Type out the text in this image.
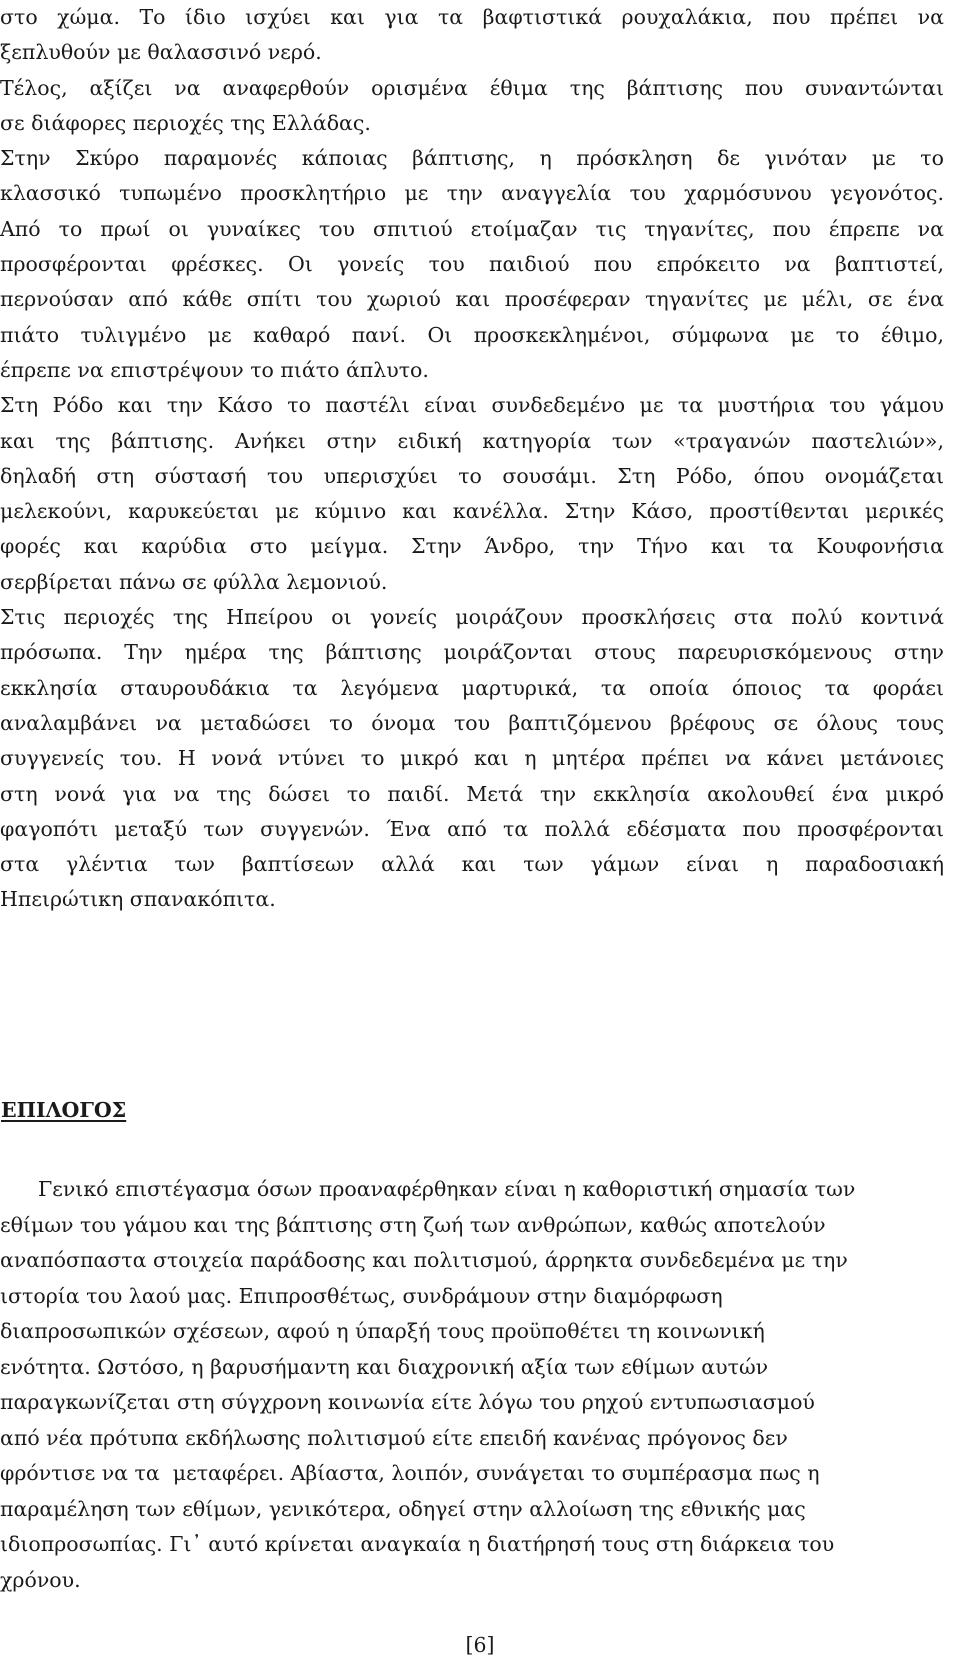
στο χώμα. Το ίδιο ισχύει και για τα βαφτιστικά ρουχαλάκια, που πρέπει να
ξεπλυθούν με θαλασσινό νερό.
Τέλος, αξίζει να αναφερθούν ορισμένα έθιμα της βάπτισης που συναντώνται
σε διάφορες περιοχές της Ελλάδας.
Στην Σκύρο παραμονές κάποιας βάπτισης, η πρόσκληση δε γινόταν με το
κλασσικό τυπωμένο προσκλητήριο με την αναγγελία του χαρμόσυνου γεγονότος.
Από το πρωί οι γυναίκες του σπιτιού ετοίμαζαν τις τηγανίτες, που έπρεπε να
προσφέρονται φρέσκες. Οι γονείς του παιδιού που επρόκειτο να βαπτιστεί,
περνούσαν από κάθε σπίτι του χωριού και προσέφεραν τηγανίτες με μέλι, σε ένα
πιάτο τυλιγμένο με καθαρό πανί. Οι προσκεκλημένοι, σύμφωνα με το έθιμο,
έπρεπε να επιστρέψουν το πιάτο άπλυτο.
Στη Ρόδο και την Κάσο το παστέλι είναι συνδεδεμένο με τα μυστήρια του γάμου
και της βάπτισης. Ανήκει στην ειδική κατηγορία των «τραγανών παστελιών»,
δηλαδή στη σύστασή του υπερισχύει το σουσάμι. Στη Ρόδο, όπου ονομάζεται
μελεκούνι, καρυκεύεται με κύμινο και κανέλλα. Στην Κάσο, προστίθενται μερικές
φορές και καρύδια στο μείγμα. Στην Άνδρο, την Τήνο και τα Κουφονήσια
σερβίρεται πάνω σε φύλλα λεμονιού.
Στις περιοχές της Ηπείρου οι γονείς μοιράζουν προσκλήσεις στα πολύ κοντινά
πρόσωπα. Την ημέρα της βάπτισης μοιράζονται στους παρευρισκόμενους στην
εκκλησία σταυρουδάκια τα λεγόμενα μαρτυρικά, τα οποία όποιος τα φοράει
αναλαμβάνει να μεταδώσει το όνομα του βαπτιζόμενου βρέφους σε όλους τους
συγγενείς του. Η νονά ντύνει το μικρό και η μητέρα πρέπει να κάνει μετάνοιες
στη νονά για να της δώσει το παιδί. Μετά την εκκλησία ακολουθεί ένα μικρό
φαγοπότι μεταξύ των συγγενών. Ένα από τα πολλά εδέσματα που προσφέρονται
στα γλέντια των βαπτίσεων αλλά και των γάμων είναι η παραδοσιακή
Ηπειρώτικη σπανακόπιτα.
ΕΠΙΛΟΓΟΣ
Γενικό επιστέγασμα όσων προαναφέρθηκαν είναι η καθοριστική σημασία των
εθίμων του γάμου και της βάπτισης στη ζωή των ανθρώπων, καθώς αποτελούν
αναπόσπαστα στοιχεία παράδοσης και πολιτισμού, άρρηκτα συνδεδεμένα με την
ιστορία του λαού μας. Επιπροσθέτως, συνδράμουν στην διαμόρφωση
διαπροσωπικών σχέσεων, αφού η ύπαρξή τους προϋποθέτει τη κοινωνική
ενότητα. Ωστόσο, η βαρυσήμαντη και διαχρονική αξία των εθίμων αυτών
παραγκωνίζεται στη σύγχρονη κοινωνία είτε λόγω του ρηχού εντυπωσιασμού
από νέα πρότυπα εκδήλωσης πολιτισμού είτε επειδή κανένας πρόγονος δεν
φρόντισε να τα  μεταφέρει. Αβίαστα, λοιπόν, συνάγεται το συμπέρασμα πως η
παραμέληση των εθίμων, γενικότερα, οδηγεί στην αλλοίωση της εθνικής μας
ιδιοπροσωπίας. Γι᾽ αυτό κρίνεται αναγκαία η διατήρησή τους στη διάρκεια του
χρόνου.
[6]
